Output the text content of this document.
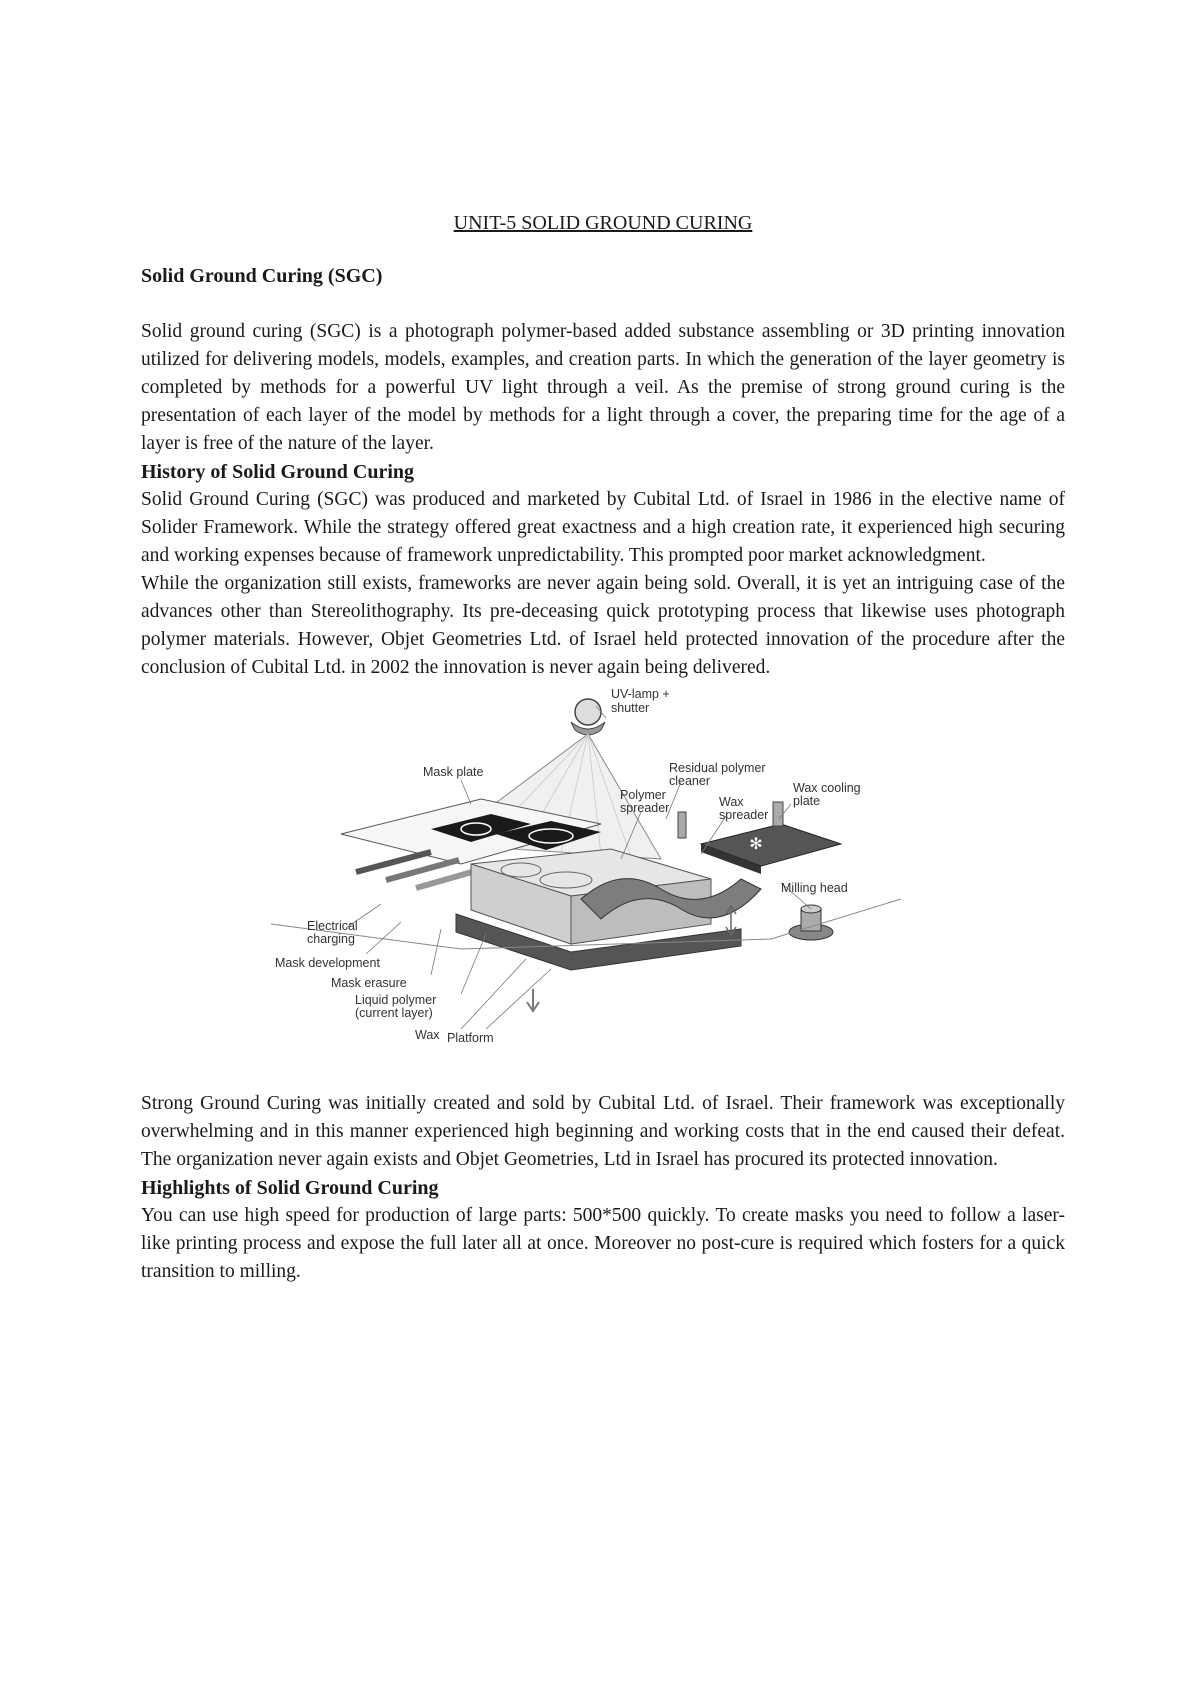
UNIT-5 SOLID GROUND CURING
Solid Ground Curing (SGC)

Solid ground curing (SGC) is a photograph polymer-based added substance assembling or 3D printing innovation utilized for delivering models, models, examples, and creation parts. In which the generation of the layer geometry is completed by methods for a powerful UV light through a veil. As the premise of strong ground curing is the presentation of each layer of the model by methods for a light through a cover, the preparing time for the age of a layer is free of the nature of the layer.

History of Solid Ground Curing

Solid Ground Curing (SGC) was produced and marketed by Cubital Ltd. of Israel in 1986 in the elective name of Solider Framework. While the strategy offered great exactness and a high creation rate, it experienced high securing and working expenses because of framework unpredictability. This prompted poor market acknowledgment.

While the organization still exists, frameworks are never again being sold. Overall, it is yet an intriguing case of the advances other than Stereolithography. Its pre-deceasing quick prototyping process that likewise uses photograph polymer materials. However, Objet Geometries Ltd. of Israel held protected innovation of the procedure after the conclusion of Cubital Ltd. in 2002 the innovation is never again being delivered.

✻
UV-lamp +
shutter
Mask plate	Residual polymer
cleaner
Polymer
spreader	Wax
spreader
Wax cooling
plate
Milling head
Electrical
charging
Mask development
Mask erasure
Liquid polymer
(current layer)
Wax Platform

Strong Ground Curing was initially created and sold by Cubital Ltd. of Israel. Their framework was exceptionally overwhelming and in this manner experienced high beginning and working costs that in the end caused their defeat. The organization never again exists and Objet Geometries, Ltd in Israel has procured its protected innovation.

Highlights of Solid Ground Curing

You can use high speed for production of large parts: 500*500 quickly. To create masks you need to follow a laser-like printing process and expose the full later all at once. Moreover no post-cure is required which fosters for a quick transition to milling.
